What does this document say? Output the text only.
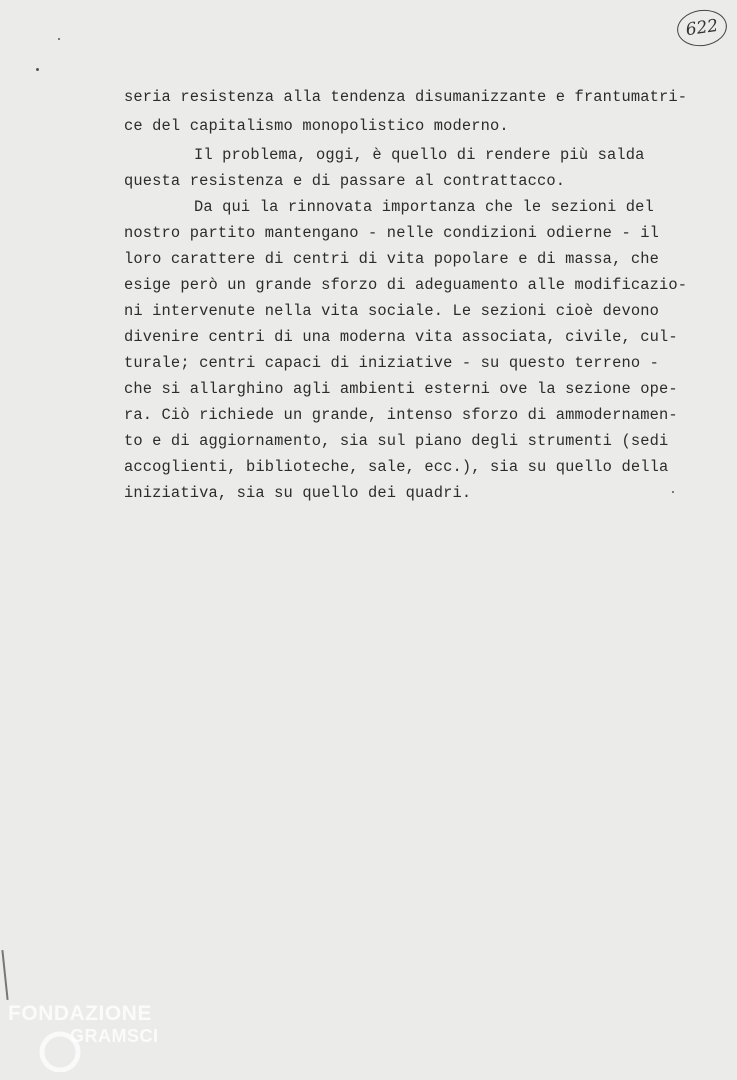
622
seria resistenza alla tendenza disumanizzante e frantumatri-
ce del capitalismo monopolistico moderno.
Il problema, oggi, è quello di rendere più salda
questa resistenza e di passare al contrattacco.
Da qui la rinnovata importanza che le sezioni del
nostro partito mantengano - nelle condizioni odierne - il
loro carattere di centri di vita popolare e di massa, che
esige però un grande sforzo di adeguamento alle modificazio-
ni intervenute nella vita sociale. Le sezioni cioè devono
divenire centri di una moderna vita associata, civile, cul-
turale; centri capaci di iniziative - su questo terreno -
che si allarghino agli ambienti esterni ove la sezione ope-
ra. Ciò richiede un grande, intenso sforzo di ammodernamen-
to e di aggiornamento, sia sul piano degli strumenti (sedi
accoglienti, biblioteche, sale, ecc.), sia su quello della
iniziativa, sia su quello dei quadri.
FONDAZIONE
GRAMSCI
